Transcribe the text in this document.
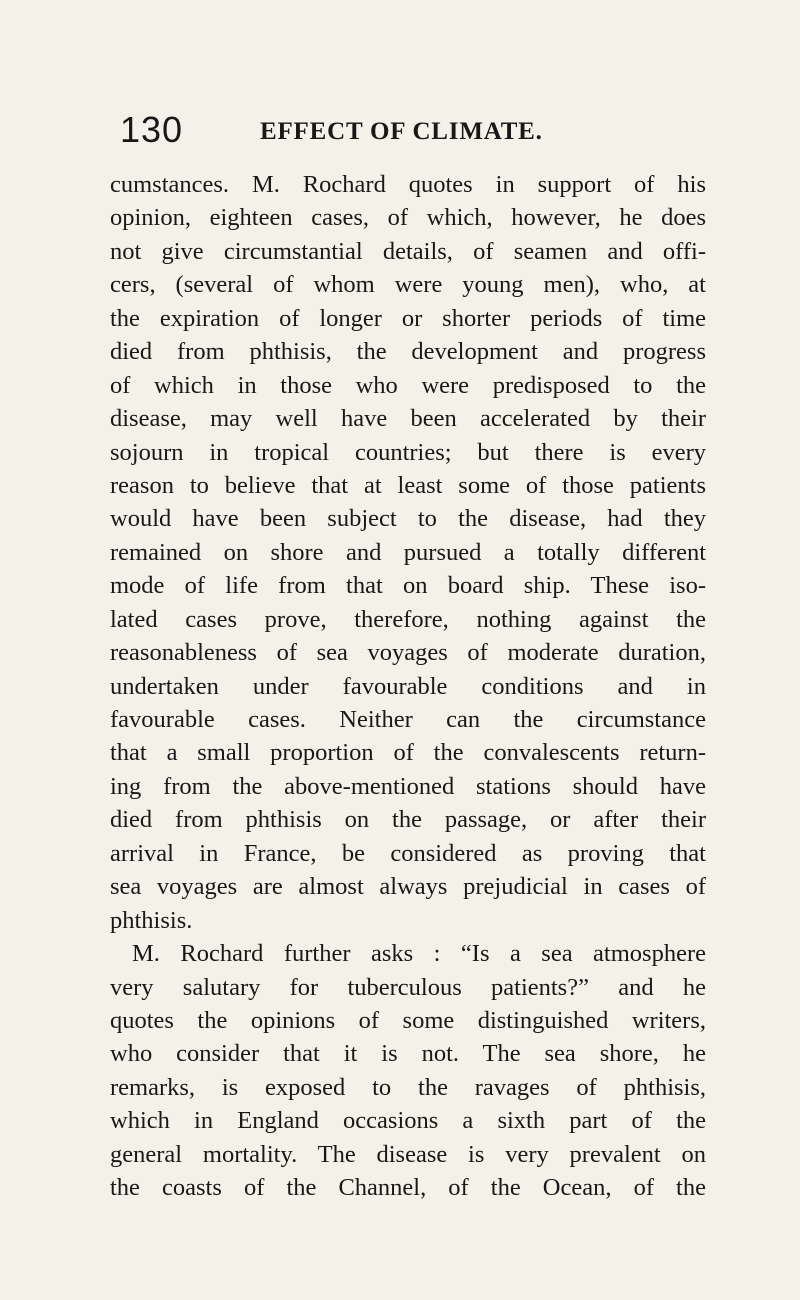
130	EFFECT OF CLIMATE.
cumstances. M. Rochard quotes in support of his
opinion, eighteen cases, of which, however, he does
not give circumstantial details, of seamen and offi-
cers, (several of whom were young men), who, at
the expiration of longer or shorter periods of time
died from phthisis, the development and progress
of which in those who were predisposed to the
disease, may well have been accelerated by their
sojourn in tropical countries; but there is every
reason to believe that at least some of those patients
would have been subject to the disease, had they
remained on shore and pursued a totally different
mode of life from that on board ship. These iso-
lated cases prove, therefore, nothing against the
reasonableness of sea voyages of moderate duration,
undertaken under favourable conditions and in
favourable cases. Neither can the circumstance
that a small proportion of the convalescents return-
ing from the above-mentioned stations should have
died from phthisis on the passage, or after their
arrival in France, be considered as proving that
sea voyages are almost always prejudicial in cases of
phthisis.
M. Rochard further asks : “Is a sea atmosphere
very salutary for tuberculous patients?” and he
quotes the opinions of some distinguished writers,
who consider that it is not. The sea shore, he
remarks, is exposed to the ravages of phthisis,
which in England occasions a sixth part of the
general mortality. The disease is very prevalent on
the coasts of the Channel, of the Ocean, of the
